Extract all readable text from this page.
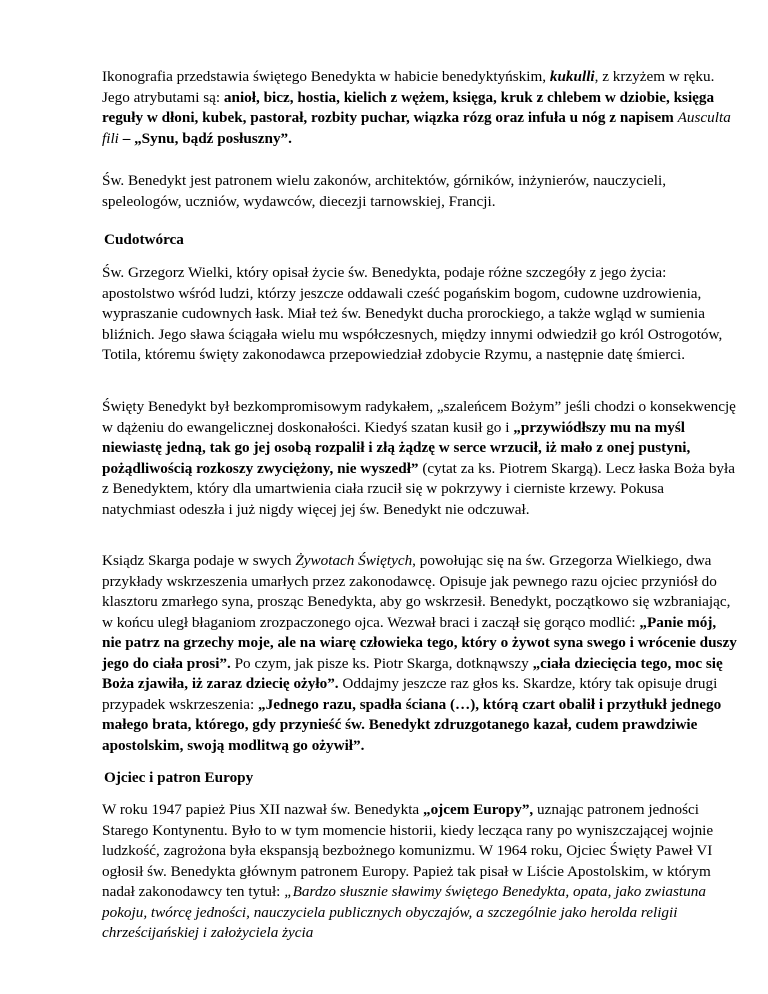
Ikonografia przedstawia świętego Benedykta w habicie benedyktyńskim, kukulli, z krzyżem w ręku. Jego atrybutami są: anioł, bicz, hostia, kielich z wężem, księga, kruk z chlebem w dziobie, księga reguły w dłoni, kubek, pastorał, rozbity puchar, wiązka rózg oraz infuła u nóg z napisem Ausculta fili – „Synu, bądź posłuszny”.

Św. Benedykt jest patronem wielu zakonów, architektów, górników, inżynierów, nauczycieli, speleologów, uczniów, wydawców, diecezji tarnowskiej, Francji.

Cudotwórca

Św. Grzegorz Wielki, który opisał życie św. Benedykta, podaje różne szczegóły z jego życia: apostolstwo wśród ludzi, którzy jeszcze oddawali cześć pogańskim bogom, cudowne uzdrowienia, wypraszanie cudownych łask. Miał też św. Benedykt ducha prorockiego, a także wgląd w sumienia bliźnich. Jego sława ściągała wielu mu współczesnych, między innymi odwiedził go król Ostrogotów, Totila, któremu święty zakonodawca przepowiedział zdobycie Rzymu, a następnie datę śmierci.

Święty Benedykt był bezkompromisowym radykałem, „szaleńcem Bożym” jeśli chodzi o konsekwencję w dążeniu do ewangelicznej doskonałości. Kiedyś szatan kusił go i „przywiódłszy mu na myśl niewiastę jedną, tak go jej osobą rozpalił i złą żądzę w serce wrzucił, iż mało z onej pustyni, pożądliwością rozkoszy zwyciężony, nie wyszedł” (cytat za ks. Piotrem Skargą). Lecz łaska Boża była z Benedyktem, który dla umartwienia ciała rzucił się w pokrzywy i cierniste krzewy. Pokusa natychmiast odeszła i już nigdy więcej jej św. Benedykt nie odczuwał.

Ksiądz Skarga podaje w swych Żywotach Świętych, powołując się na św. Grzegorza Wielkiego, dwa przykłady wskrzeszenia umarłych przez zakonodawcę. Opisuje jak pewnego razu ojciec przyniósł do klasztoru zmarłego syna, prosząc Benedykta, aby go wskrzesił. Benedykt, początkowo się wzbraniając, w końcu uległ błaganiom zrozpaczonego ojca. Wezwał braci i zaczął się gorąco modlić: „Panie mój, nie patrz na grzechy moje, ale na wiarę człowieka tego, który o żywot syna swego i wrócenie duszy jego do ciała prosi”. Po czym, jak pisze ks. Piotr Skarga, dotknąwszy „ciała dziecięcia tego, moc się Boża zjawiła, iż zaraz dziecię ożyło”. Oddajmy jeszcze raz głos ks. Skardze, który tak opisuje drugi przypadek wskrzeszenia: „Jednego razu, spadła ściana (…), którą czart obalił i przytłukł jednego małego brata, którego, gdy przynieść św. Benedykt zdruzgotanego kazał, cudem prawdziwie apostolskim, swoją modlitwą go ożywił”.

Ojciec i patron Europy

W roku 1947 papież Pius XII nazwał św. Benedykta „ojcem Europy”, uznając patronem jedności Starego Kontynentu. Było to w tym momencie historii, kiedy lecząca rany po wyniszczającej wojnie ludzkość, zagrożona była ekspansją bezbożnego komunizmu. W 1964 roku, Ojciec Święty Paweł VI ogłosił św. Benedykta głównym patronem Europy. Papież tak pisał w Liście Apostolskim, w którym nadał zakonodawcy ten tytuł: „Bardzo słusznie sławimy świętego Benedykta, opata, jako zwiastuna pokoju, twórcę jedności, nauczyciela publicznych obyczajów, a szczególnie jako herolda religii chrześcijańskiej i założyciela życia
